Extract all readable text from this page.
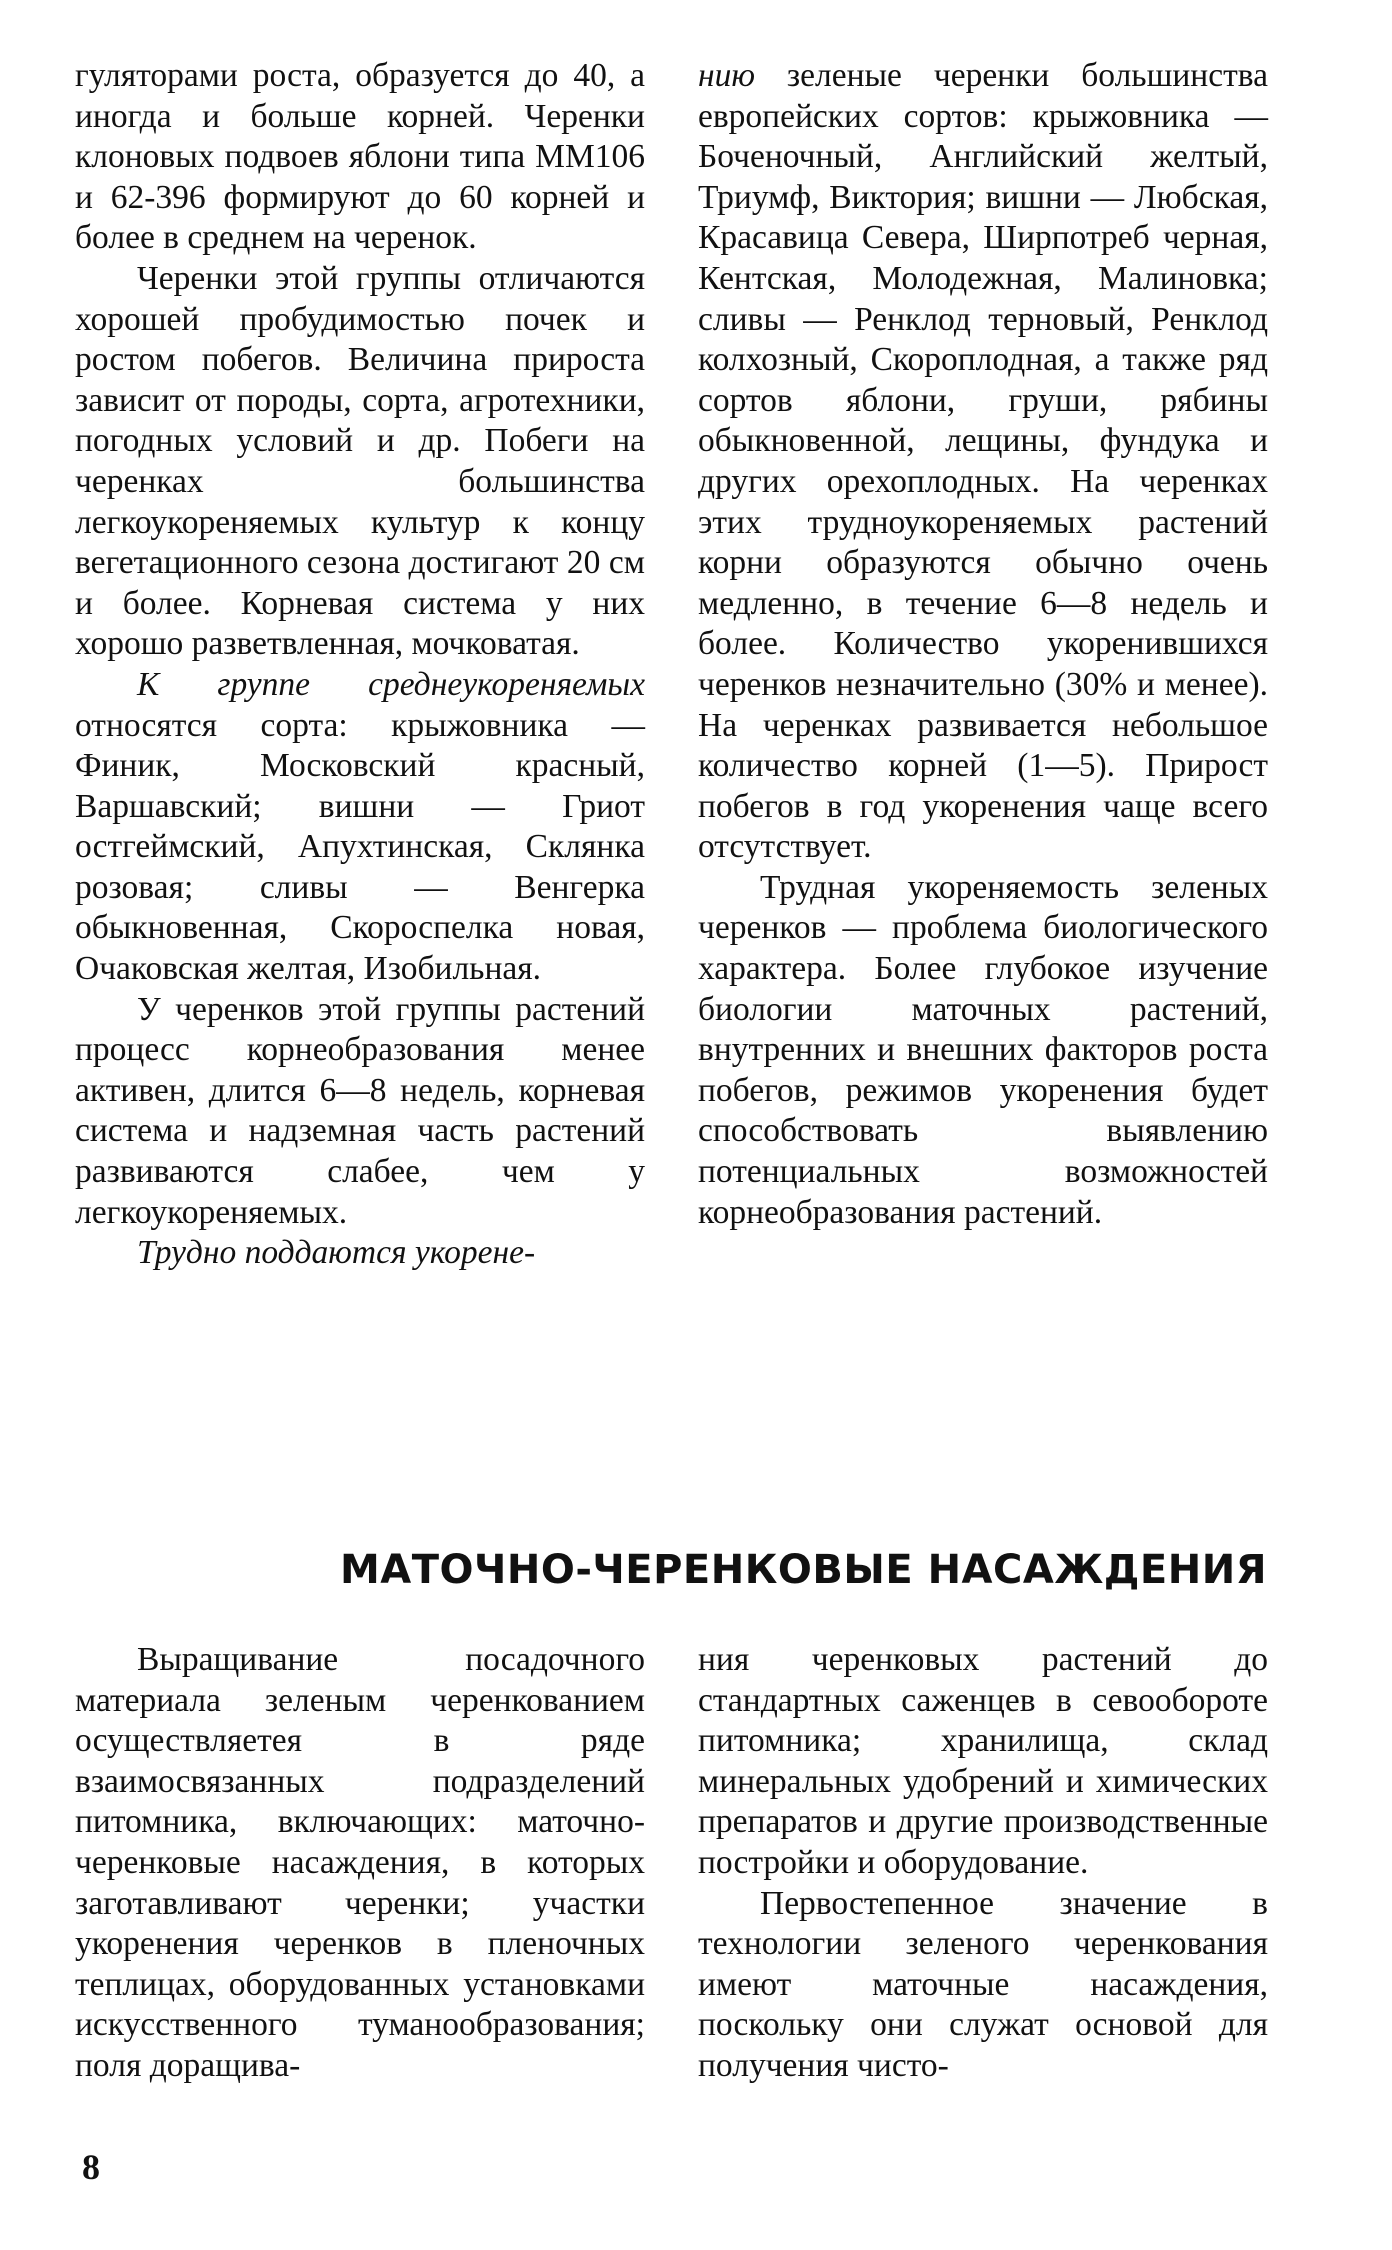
гуляторами роста, образуется до 40, а иногда и больше корней. Черенки клоновых подвоев яблони типа ММ106 и 62-396 формируют до 60 корней и более в среднем на черенок.

Черенки этой группы отличаются хорошей пробудимостью почек и ростом побегов. Величина прироста зависит от породы, сорта, агротехники, погодных условий и др. Побеги на черенках большинства легкоукореняемых культур к концу вегетационного сезона достигают 20 см и более. Корневая система у них хорошо разветвленная, мочковатая.

К группе среднеукореняемых относятся сорта: крыжовника — Финик, Московский красный, Варшавский; вишни — Гриот остгеймский, Апухтинская, Склянка розовая; сливы — Венгерка обыкновенная, Скороспелка новая, Очаковская желтая, Изобильная.

У черенков этой группы растений процесс корнеобразования менее активен, длится 6—8 недель, корневая система и надземная часть растений развиваются слабее, чем у легкоукореняемых.

Трудно поддаются укорене-

нию зеленые черенки большинства европейских сортов: крыжовника — Боченочный, Английский желтый, Триумф, Виктория; вишни — Любская, Красавица Севера, Ширпотреб черная, Кентская, Молодежная, Малиновка; сливы — Ренклод терновый, Ренклод колхозный, Скороплодная, а также ряд сортов яблони, груши, рябины обыкновенной, лещины, фундука и других орехоплодных. На черенках этих трудноукореняемых растений корни образуются обычно очень медленно, в течение 6—8 недель и более. Количество укоренившихся черенков незначительно (30% и менее). На черенках развивается небольшое количество корней (1—5). Прирост побегов в год укоренения чаще всего отсутствует.

Трудная укореняемость зеленых черенков — проблема биологического характера. Более глубокое изучение биологии маточных растений, внутренних и внешних факторов роста побегов, режимов укоренения будет способствовать выявлению потенциальных возможностей корнеобразования растений.

МАТОЧНО-ЧЕРЕНКОВЫЕ НАСАЖДЕНИЯ

Выращивание посадочного материала зеленым черенкованием осуществляетея в ряде взаимосвязанных подразделений питомника, включающих: маточно-черенковые насаждения, в которых заготавливают черенки; участки укоренения черенков в пленочных теплицах, оборудованных установками искусственного туманообразования; поля доращива-

ния черенковых растений до стандартных саженцев в севообороте питомника; хранилища, склад минеральных удобрений и химических препаратов и другие производственные постройки и оборудование.

Первостепенное значение в технологии зеленого черенкования имеют маточные насаждения, поскольку они служат основой для получения чисто-

8
